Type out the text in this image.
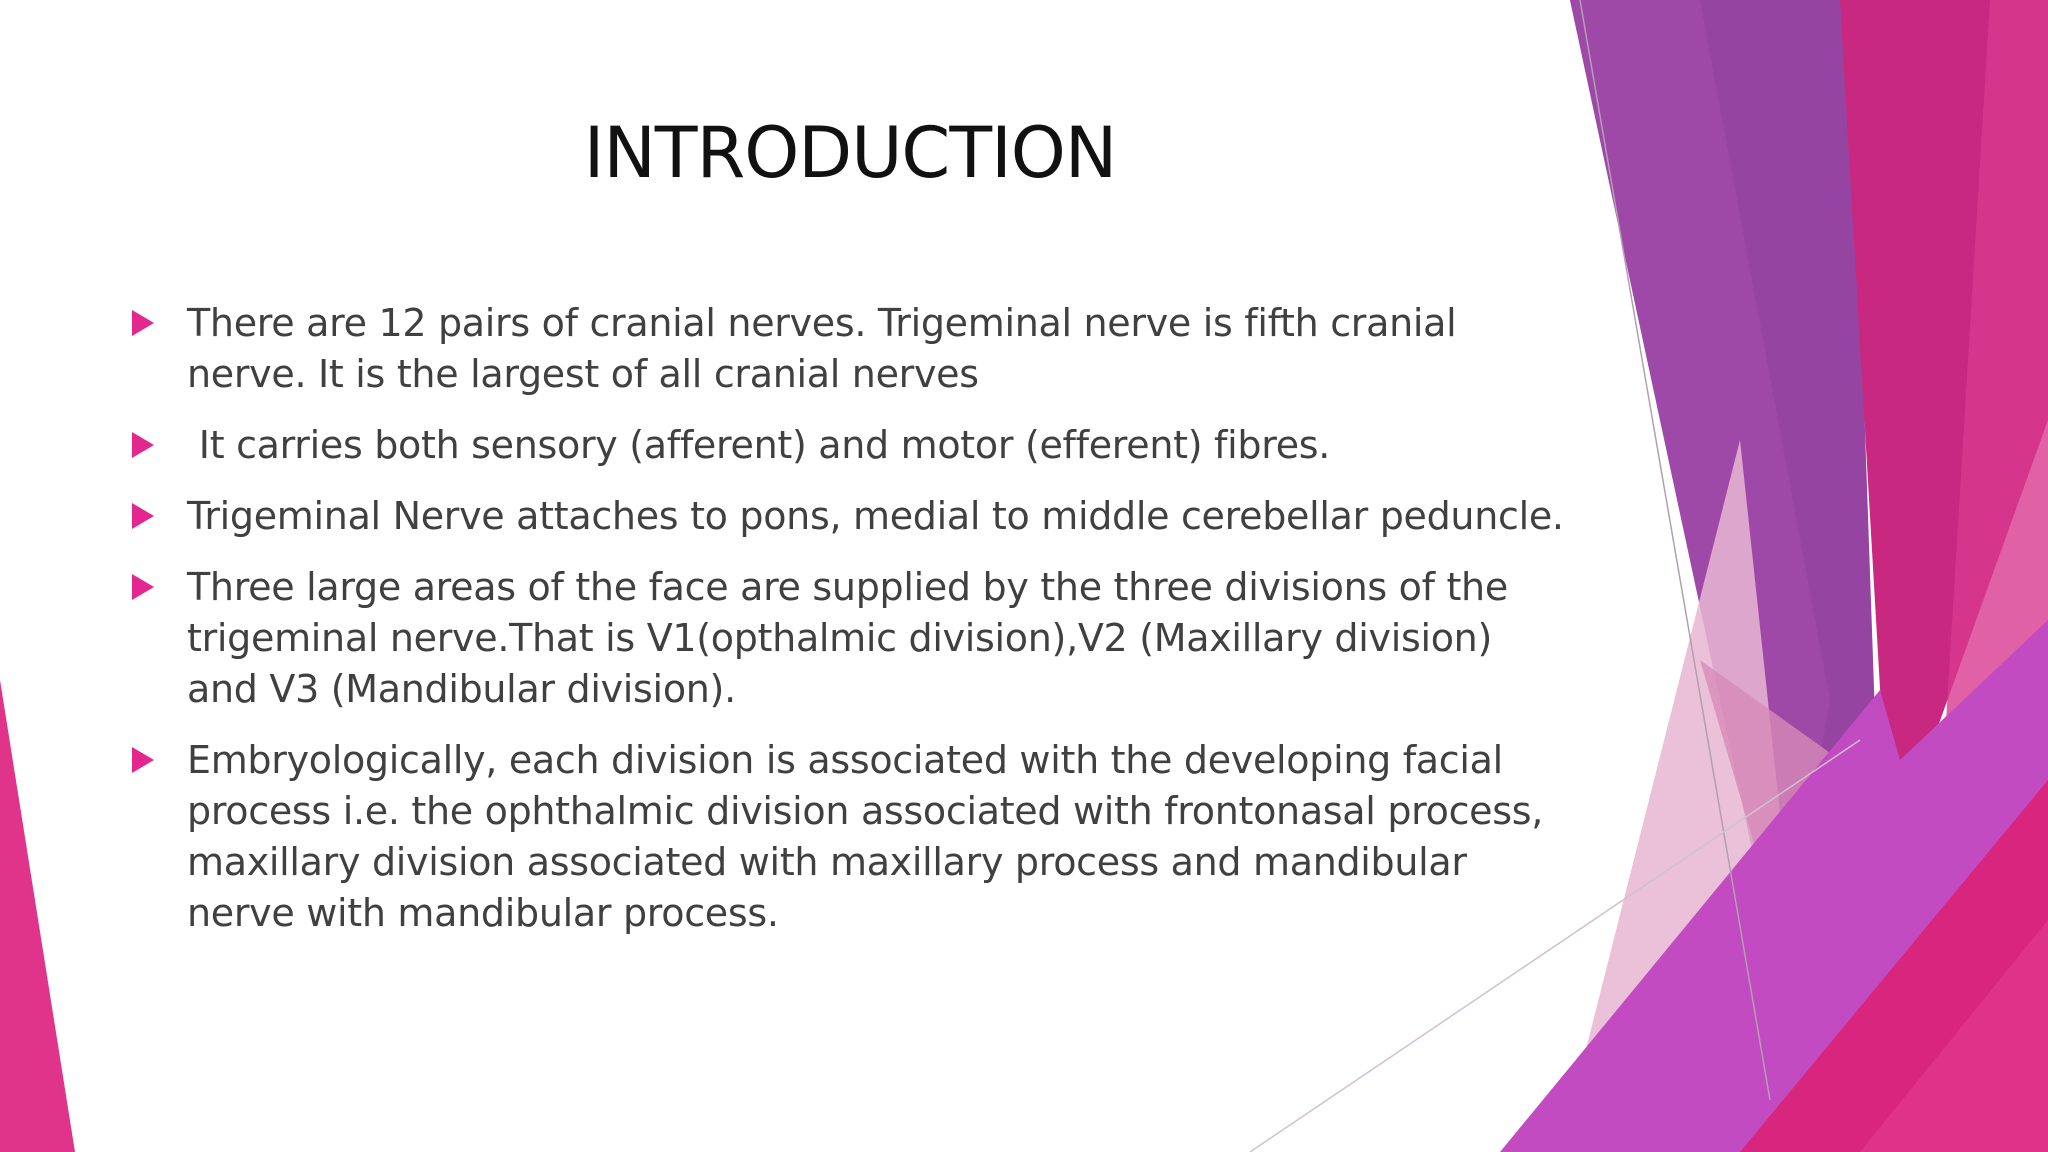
INTRODUCTION
There are 12 pairs of cranial nerves. Trigeminal nerve is fifth cranial nerve. It is the largest of all cranial nerves
It carries both sensory (afferent) and motor (efferent) fibres.
Trigeminal Nerve attaches to pons, medial to middle cerebellar peduncle.
Three large areas of the face are supplied by the three divisions of the trigeminal nerve.That is V1(opthalmic division),V2 (Maxillary division) and V3 (Mandibular division).
Embryologically, each division is associated with the developing facial process i.e. the ophthalmic division associated with frontonasal process, maxillary division associated with maxillary process and mandibular nerve with mandibular process.
